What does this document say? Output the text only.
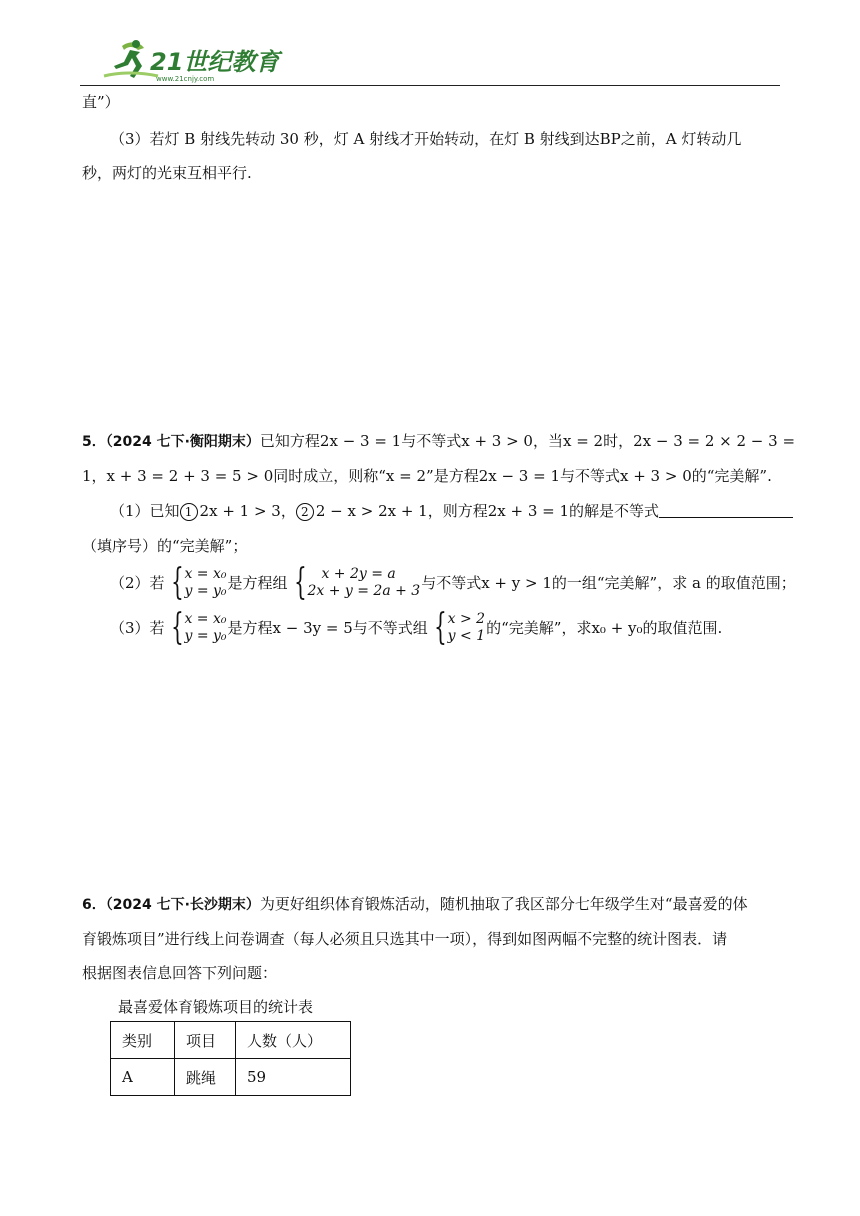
21世纪教育
www.21cnjy.com
直”）
（3）若灯 B 射线先转动 30 秒，灯 A 射线才开始转动，在灯 B 射线到达BP之前，A 灯转动几
秒，两灯的光束互相平行.
5．（2024 七下·衡阳期末）已知方程2x − 3 = 1与不等式x + 3 > 0，当x = 2时，2x − 3 = 2 × 2 − 3 =
1，x + 3 = 2 + 3 = 5 > 0同时成立，则称“x = 2”是方程2x − 3 = 1与不等式x + 3 > 0的“完美解”.
（1）已知 1 2x + 1 > 3， 2 2 − x > 2x + 1，则方程2x + 3 = 1的解是不等式
（填序号）的“完美解”；
（2）若 { x = x₀
y = y₀ 是方程组 {	x + 2y = a
2x + y = 2a + 3 与不等式x + y > 1的一组“完美解”，求 a 的取值范围；
（3）若 { x = x₀
y = y₀ 是方程x − 3y = 5与不等式组 { x > 2
y < 1 的“完美解”，求x₀ + y₀的取值范围.
6．（2024 七下·长沙期末）为更好组织体育锻炼活动，随机抽取了我区部分七年级学生对“最喜爱的体
育锻炼项目”进行线上问卷调查（每人必须且只选其中一项），得到如图两幅不完整的统计图表．请
根据图表信息回答下列问题：
最喜爱体育锻炼项目的统计表
类别	项目	人数（人）
A	跳绳	59
